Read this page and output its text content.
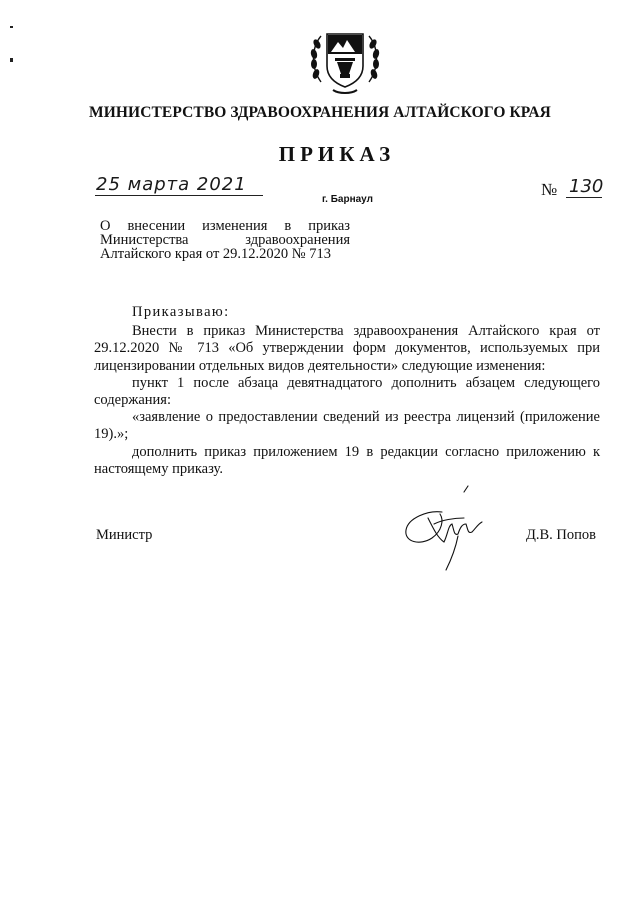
МИНИСТЕРСТВО ЗДРАВООХРАНЕНИЯ АЛТАЙСКОГО КРАЯ
ПРИКАЗ
25 марта 2021
г. Барнаул
№ 130
О внесении изменения в приказ
Министерства здравоохранения
Алтайского края от 29.12.2020 № 713

Приказываю:

Внести в приказ Министерства здравоохранения Алтайского края от 29.12.2020 № 713 «Об утверждении форм документов, используемых при лицензировании отдельных видов деятельности» следующие изменения:

пункт 1 после абзаца девятнадцатого дополнить абзацем следующего содержания:

«заявление о предоставлении сведений из реестра лицензий (приложение 19).»;

дополнить приказ приложением 19 в редакции согласно приложению к настоящему приказу.

Министр	Д.В. Попов
